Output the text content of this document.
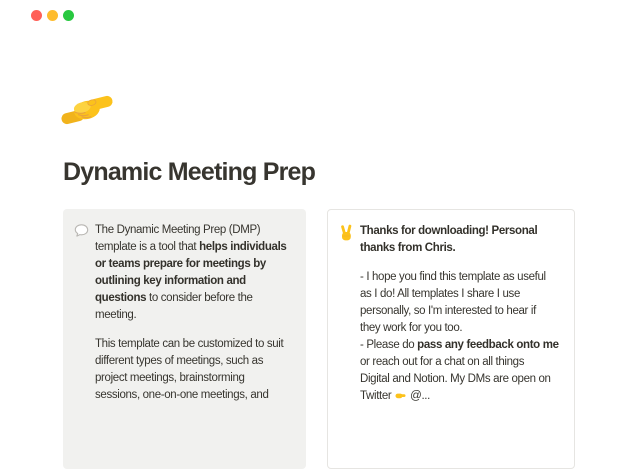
Dynamic Meeting Prep
The Dynamic Meeting Prep (DMP)
template is a tool that helps individuals
or teams prepare for meetings by
outlining key information and
questions to consider before the
meeting.
This template can be customized to suit
different types of meetings, such as
project meetings, brainstorming
sessions, one-on-one meetings, and
Thanks for downloading! Personal
thanks from Chris.
- I hope you find this template as useful
as I do! All templates I share I use
personally, so I'm interested to hear if
they work for you too.
- Please do pass any feedback onto me
or reach out for a chat on all things
Digital and Notion. My DMs are open on
Twitter  @...
